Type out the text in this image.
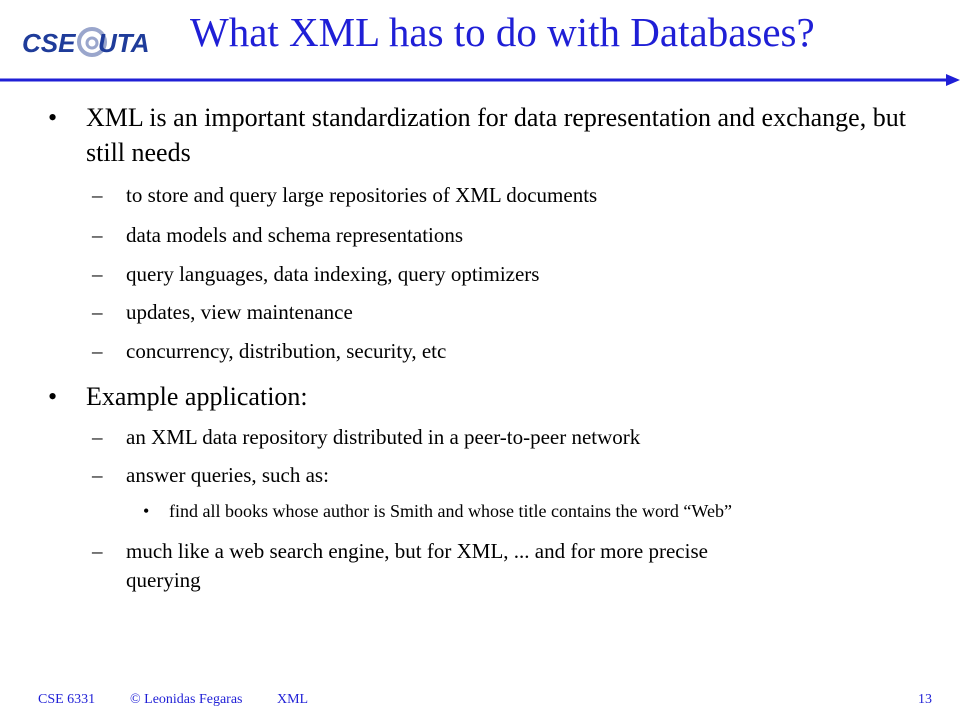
CSE UTA What XML has to do with Databases?
• XML is an important standardization for data representation and exchange, but still needs
– to store and query large repositories of XML documents
– data models and schema representations
– query languages, data indexing, query optimizers
– updates, view maintenance
– concurrency, distribution, security, etc
• Example application:
– an XML data repository distributed in a peer-to-peer network
– answer queries, such as:
• find all books whose author is Smith and whose title contains the word “Web”
– much like a web search engine, but for XML, ... and for more precise
querying
CSE 6331 © Leonidas Fegaras XML	13
